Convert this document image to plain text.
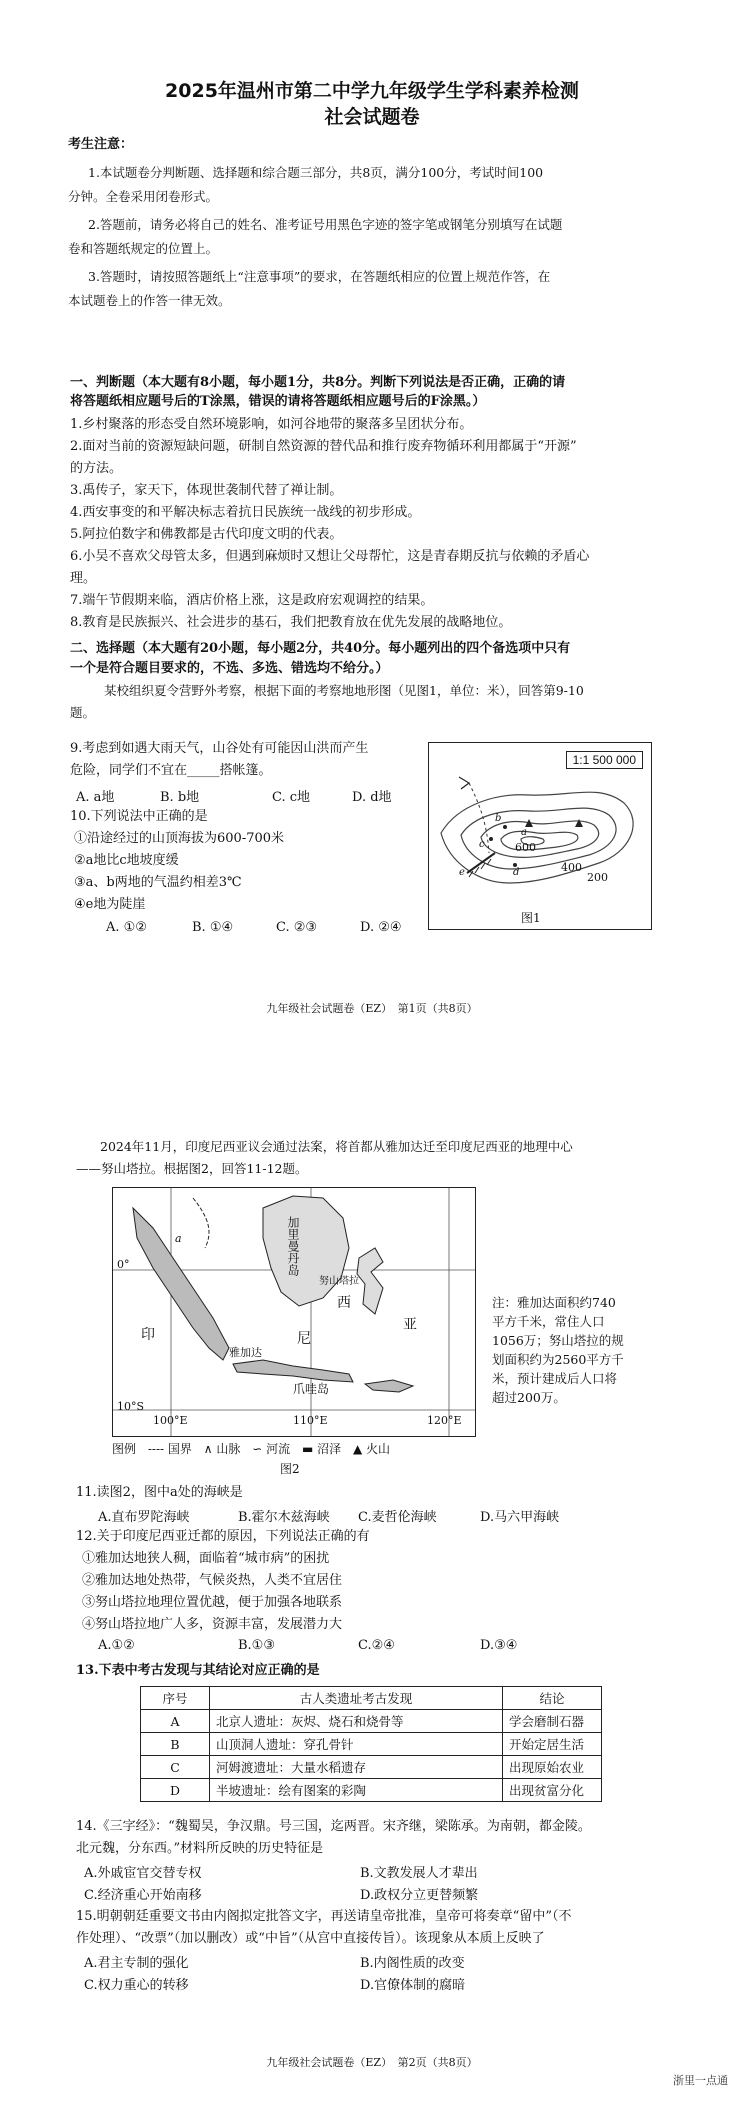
2025年温州市第二中学九年级学生学科素养检测
社会试题卷
考生注意：
1.本试题卷分判断题、选择题和综合题三部分，共8页，满分100分，考试时间100
分钟。全卷采用闭卷形式。
2.答题前，请务必将自己的姓名、准考证号用黑色字迹的签字笔或钢笔分别填写在试题
卷和答题纸规定的位置上。
3.答题时，请按照答题纸上“注意事项”的要求，在答题纸相应的位置上规范作答，在
本试题卷上的作答一律无效。
一、判断题（本大题有8小题，每小题1分，共8分。判断下列说法是否正确，正确的请
将答题纸相应题号后的T涂黑，错误的请将答题纸相应题号后的F涂黑。）
1.乡村聚落的形态受自然环境影响，如河谷地带的聚落多呈团状分布。
2.面对当前的资源短缺问题，研制自然资源的替代品和推行废弃物循环利用都属于“开源”
的方法。
3.禹传子，家天下，体现世袭制代替了禅让制。
4.西安事变的和平解决标志着抗日民族统一战线的初步形成。
5.阿拉伯数字和佛教都是古代印度文明的代表。
6.小吴不喜欢父母管太多，但遇到麻烦时又想让父母帮忙，这是青春期反抗与依赖的矛盾心
理。
7.端午节假期来临，酒店价格上涨，这是政府宏观调控的结果。
8.教育是民族振兴、社会进步的基石，我们把教育放在优先发展的战略地位。
二、选择题（本大题有20小题，每小题2分，共40分。每小题列出的四个备选项中只有
一个是符合题目要求的，不选、多选、错选均不给分。）
某校组织夏令营野外考察，根据下面的考察地地形图（见图1，单位：米），回答第9-10
题。
9.考虑到如遇大雨天气，山谷处有可能因山洪而产生
危险，同学们不宜在_____搭帐篷。
A. a地	B. b地	C. c地	D. d地
10.下列说法中正确的是
①沿途经过的山顶海拔为600-700米
②a地比c地坡度缓
③a、b两地的气温约相差3℃
④e地为陡崖
A. ①②	B. ①④	C. ②③	D. ②④
1:1 500 000
600
400
200
a
b
c
d
e
图1
九年级社会试题卷（EZ）　第1页（共8页）
2024年11月，印度尼西亚议会通过法案，将首都从雅加达迁至印度尼西亚的地理中心
——努山塔拉。根据图2，回答11-12题。
加里曼丹岛
努山塔拉
尼
印
雅加达
爪哇岛
西
亚
a
0°
10°S
100°E	110°E	120°E
图例 ---- 国界 ∧ 山脉 ∽ 河流 ▬ 沼泽 ▲ 火山
图2
注：雅加达面积约740
平方千米，常住人口
1056万；努山塔拉的规
划面积约为2560平方千
米，预计建成后人口将
超过200万。
11.读图2，图中a处的海峡是
A.直布罗陀海峡	B.霍尔木兹海峡 C.麦哲伦海峡	D.马六甲海峡
12.关于印度尼西亚迁都的原因，下列说法正确的有
①雅加达地狭人稠，面临着“城市病”的困扰
②雅加达地处热带，气候炎热，人类不宜居住
③努山塔拉地理位置优越，便于加强各地联系
④努山塔拉地广人多，资源丰富，发展潜力大
A.①②	B.①③	C.②④	D.③④
13.下表中考古发现与其结论对应正确的是
序号	古人类遗址考古发现	结论
A	北京人遗址：灰烬、烧石和烧骨等	学会磨制石器
B	山顶洞人遗址：穿孔骨针	开始定居生活
C	河姆渡遗址：大量水稻遗存	出现原始农业
D	半坡遗址：绘有图案的彩陶	出现贫富分化
14.《三字经》：“魏蜀吴，争汉鼎。号三国，迄两晋。宋齐继，梁陈承。为南朝，都金陵。
北元魏，分东西。”材料所反映的历史特征是
A.外戚宦官交替专权	B.文教发展人才辈出
C.经济重心开始南移	D.政权分立更替频繁
15.明朝朝廷重要文书由内阁拟定批答文字，再送请皇帝批准，皇帝可将奏章“留中”（不
作处理）、“改票”（加以删改）或“中旨”（从宫中直接传旨）。该现象从本质上反映了
A.君主专制的强化	B.内阁性质的改变
C.权力重心的转移	D.官僚体制的腐暗
九年级社会试题卷（EZ）　第2页（共8页）
浙里一点通
